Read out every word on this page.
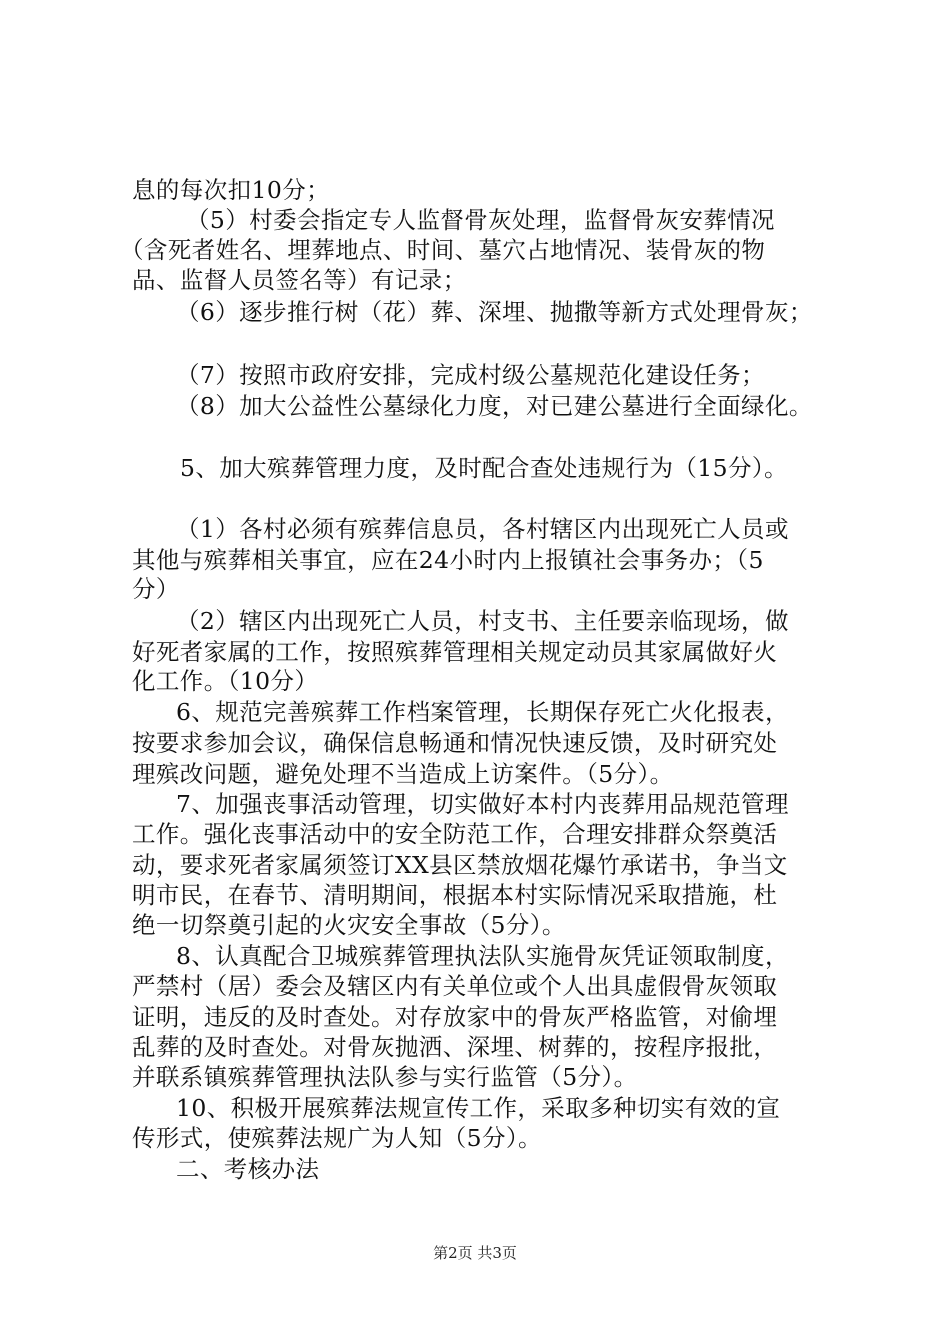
息的每次扣10分；
（5）村委会指定专人监督骨灰处理，监督骨灰安葬情况
（含死者姓名、埋葬地点、时间、墓穴占地情况、装骨灰的物
品、监督人员签名等）有记录；
（6）逐步推行树（花）葬、深埋、抛撒等新方式处理骨灰；
（7）按照市政府安排，完成村级公墓规范化建设任务；
（8）加大公益性公墓绿化力度，对已建公墓进行全面绿化。
5、加大殡葬管理力度，及时配合查处违规行为（15分）。
（1）各村必须有殡葬信息员，各村辖区内出现死亡人员或
其他与殡葬相关事宜，应在24小时内上报镇社会事务办；（5
分）
（2）辖区内出现死亡人员，村支书、主任要亲临现场，做
好死者家属的工作，按照殡葬管理相关规定动员其家属做好火
化工作。（10分）
6、规范完善殡葬工作档案管理，长期保存死亡火化报表，
按要求参加会议，确保信息畅通和情况快速反馈，及时研究处
理殡改问题，避免处理不当造成上访案件。（5分）。
7、加强丧事活动管理，切实做好本村内丧葬用品规范管理
工作。强化丧事活动中的安全防范工作，合理安排群众祭奠活
动，要求死者家属须签订XX县区禁放烟花爆竹承诺书，争当文
明市民，在春节、清明期间，根据本村实际情况采取措施，杜
绝一切祭奠引起的火灾安全事故（5分）。
8、认真配合卫城殡葬管理执法队实施骨灰凭证领取制度，
严禁村（居）委会及辖区内有关单位或个人出具虚假骨灰领取
证明，违反的及时查处。对存放家中的骨灰严格监管，对偷埋
乱葬的及时查处。对骨灰抛洒、深埋、树葬的，按程序报批，
并联系镇殡葬管理执法队参与实行监管（5分）。
10、积极开展殡葬法规宣传工作，采取多种切实有效的宣
传形式，使殡葬法规广为人知（5分）。
二、考核办法
第2页 共3页
